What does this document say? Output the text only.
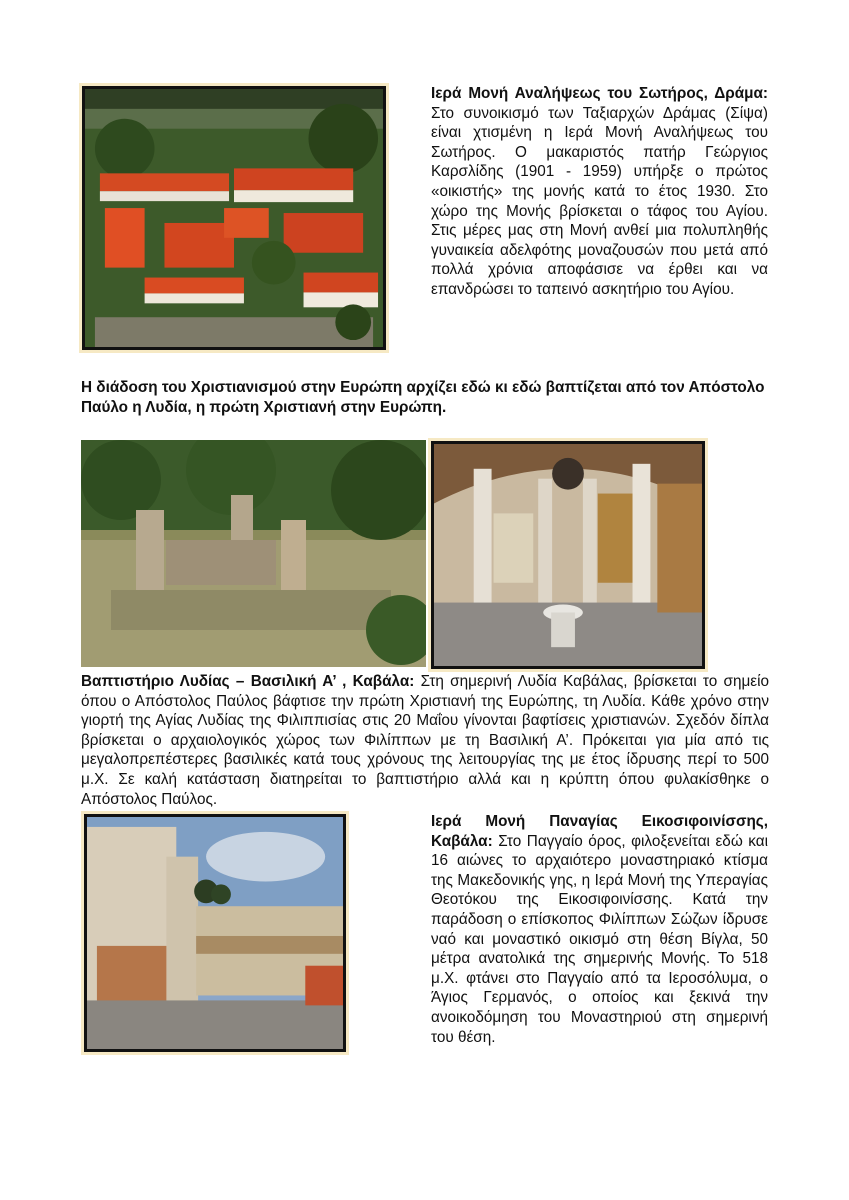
Ιερά Μονή Αναλήψεως του Σωτήρος, Δράμα: Στο συνοικισμό των Ταξιαρχών Δράμας (Σίψα) είναι χτισμένη η Ιερά Μονή Αναλήψεως του Σωτήρος. Ο μακαριστός πατήρ Γεώργιος Καρσλίδης (1901 - 1959) υπήρξε ο πρώτος «οικιστής» της μονής κατά το έτος 1930. Στο χώρο της Μονής βρίσκεται ο τάφος του Αγίου. Στις μέρες μας στη Μονή ανθεί μια πολυπληθής γυναικεία αδελφότης μοναζουσών που μετά από πολλά χρόνια αποφάσισε να έρθει και να επανδρώσει το ταπεινό ασκητήριο του Αγίου.
Η διάδοση του Χριστιανισμού στην Ευρώπη αρχίζει εδώ κι εδώ βαπτίζεται από τον Απόστολο Παύλο η Λυδία, η πρώτη Χριστιανή στην Ευρώπη.
Βαπτιστήριο Λυδίας – Βασιλική Α’ , Καβάλα: Στη σημερινή Λυδία Καβάλας, βρίσκεται το σημείο όπου ο Απόστολος Παύλος βάφτισε την πρώτη Χριστιανή της Ευρώπης, τη Λυδία. Κάθε χρόνο στην γιορτή της Αγίας Λυδίας της Φιλιππισίας στις 20 Μαΐου γίνονται βαφτίσεις χριστιανών. Σχεδόν δίπλα βρίσκεται ο αρχαιολογικός χώρος των Φιλίππων με τη Βασιλική Α’. Πρόκειται για μία από τις μεγαλοπρεπέστερες βασιλικές κατά τους χρόνους της λειτουργίας της με έτος ίδρυσης περί το 500 μ.Χ. Σε καλή κατάσταση διατηρείται το βαπτιστήριο αλλά και η κρύπτη όπου φυλακίσθηκε ο Απόστολος Παύλος.
Ιερά Μονή Παναγίας Εικοσιφοινίσσης, Καβάλα: Στο Παγγαίο όρος, φιλοξενείται εδώ και 16 αιώνες το αρχαιότερο μοναστηριακό κτίσμα της Μακεδονικής γης, η Ιερά Μονή της Υπεραγίας Θεοτόκου της Εικοσιφοινίσσης. Κατά την παράδοση ο επίσκοπος Φιλίππων Σώζων ίδρυσε ναό και μοναστικό οικισμό στη θέση Βίγλα, 50 μέτρα ανατολικά της σημερινής Μονής. Το 518 μ.Χ. φτάνει στο Παγγαίο από τα Ιεροσόλυμα, ο Άγιος Γερμανός, ο οποίος και ξεκινά την ανοικοδόμηση του Μοναστηριού στη σημερινή του θέση.
